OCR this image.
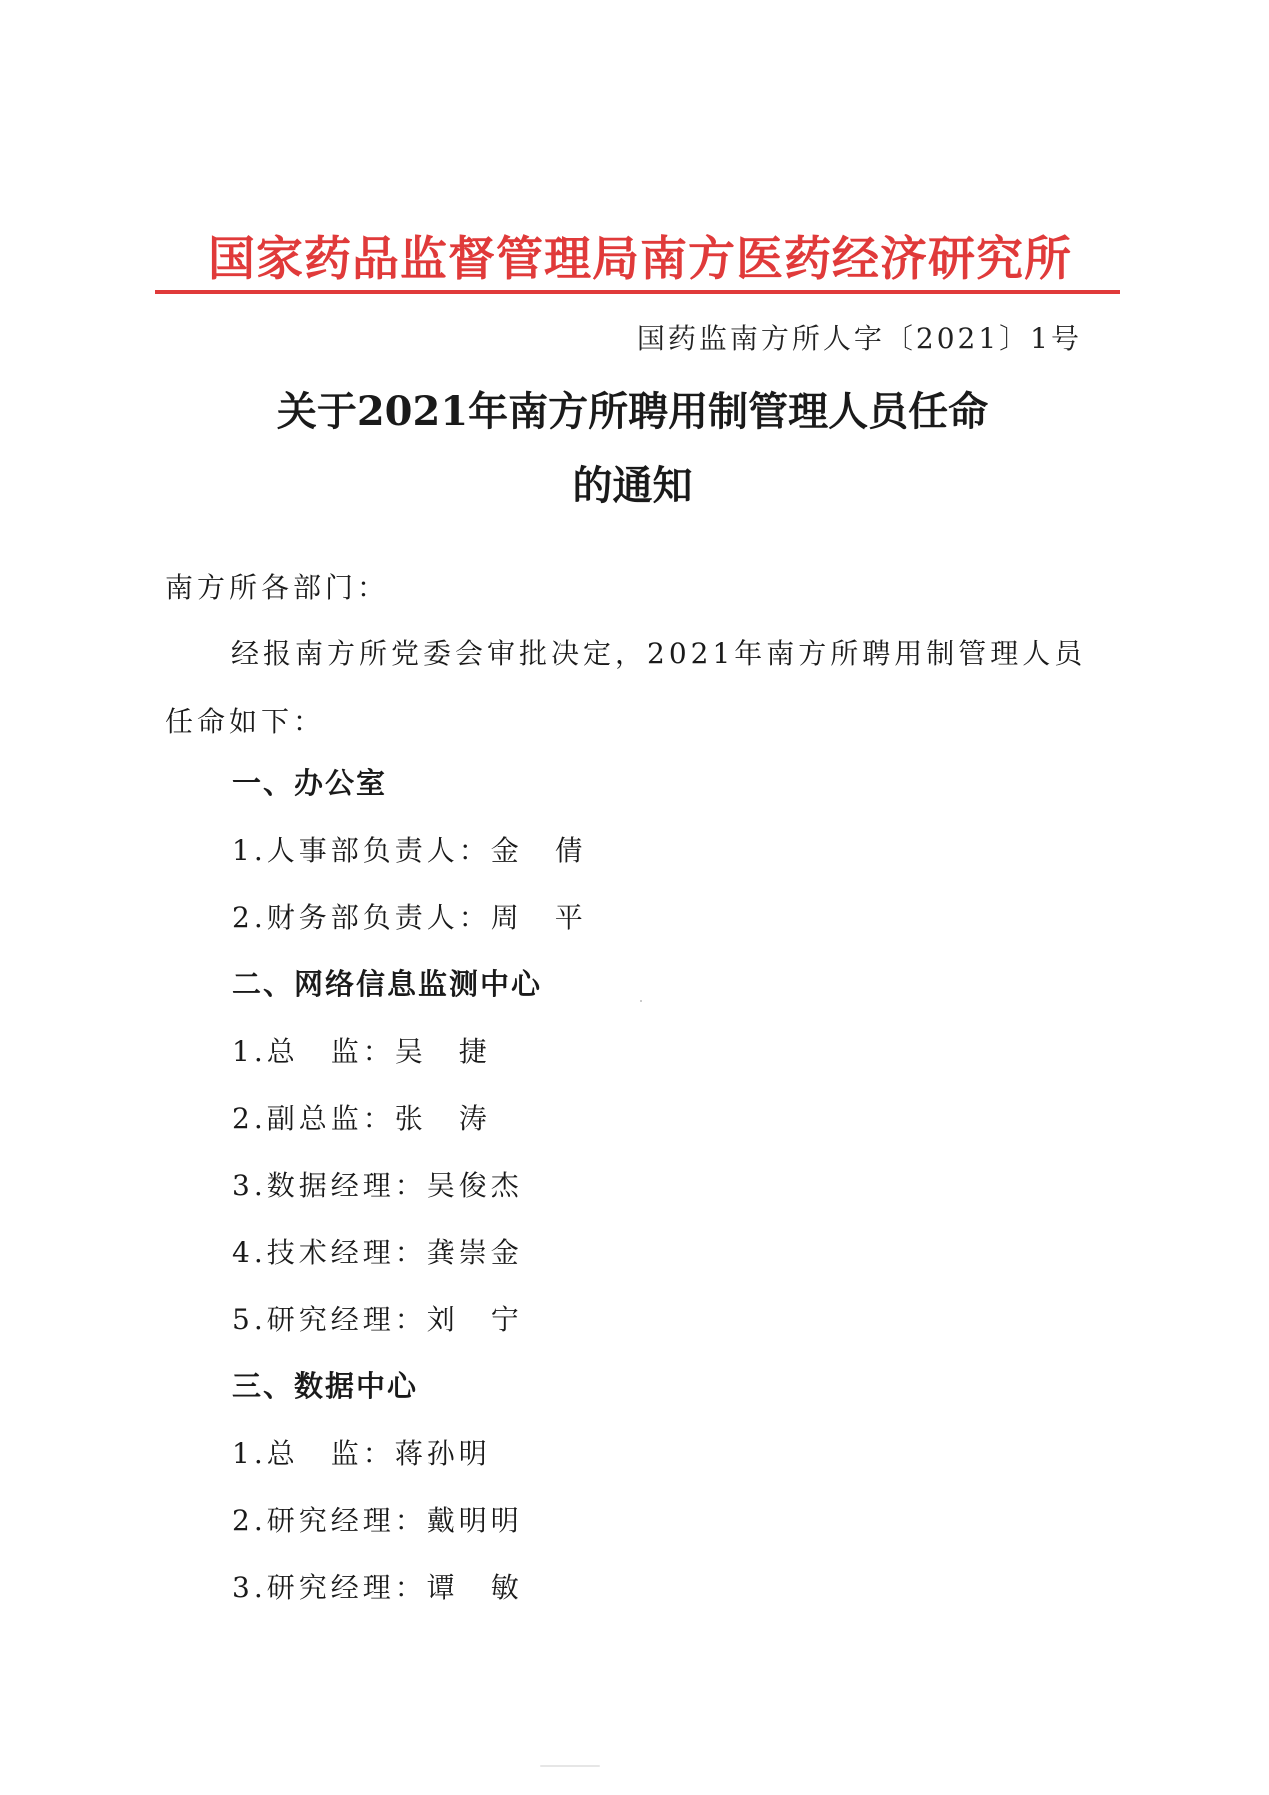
国家药品监督管理局南方医药经济研究所
国药监南方所人字〔2021〕1号
关于2021年南方所聘用制管理人员任命
的通知
南方所各部门：
经报南方所党委会审批决定，2021年南方所聘用制管理人员任命如下：
一、办公室
1.人事部负责人：金　倩
2.财务部负责人：周　平
二、网络信息监测中心
1.总　监：吴　捷
2.副总监：张　涛
3.数据经理：吴俊杰
4.技术经理：龚崇金
5.研究经理：刘　宁
三、数据中心
1.总　监：蒋孙明
2.研究经理：戴明明
3.研究经理：谭　敏
